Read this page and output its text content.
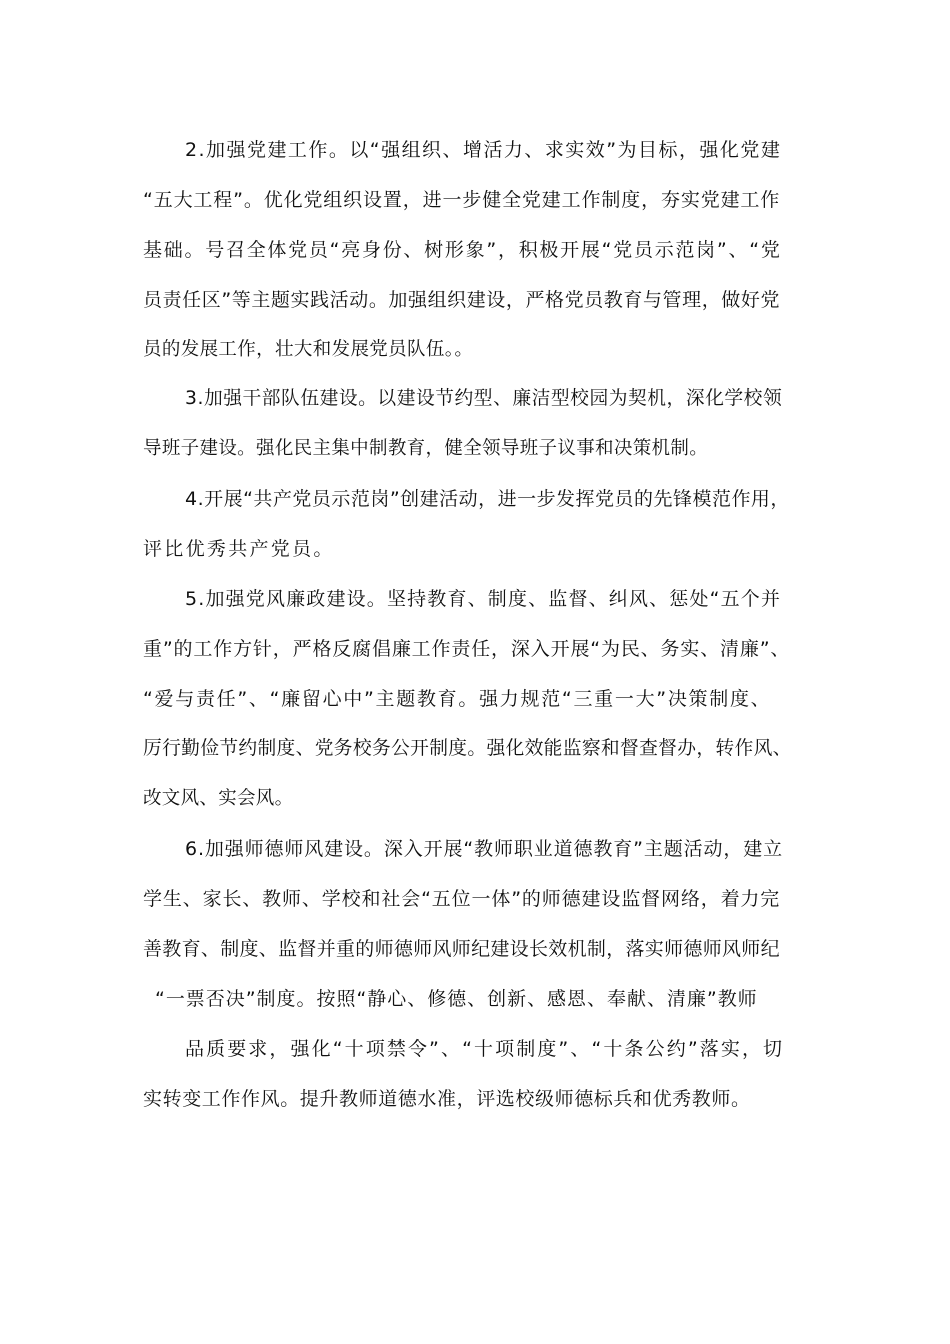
2.加强党建工作。以“强组织、增活力、求实效”为目标，强化党建
“五大工程”。优化党组织设置，进一步健全党建工作制度，夯实党建工作
基础。号召全体党员“亮身份、树形象”，积极开展“党员示范岗”、“党
员责任区”等主题实践活动。加强组织建设，严格党员教育与管理，做好党
员的发展工作，壮大和发展党员队伍。。
3.加强干部队伍建设。以建设节约型、廉洁型校园为契机，深化学校领
导班子建设。强化民主集中制教育，健全领导班子议事和决策机制。
4.开展“共产党员示范岗”创建活动，进一步发挥党员的先锋模范作用，
评比优秀共产党员。
5.加强党风廉政建设。坚持教育、制度、监督、纠风、惩处“五个并
重”的工作方针，严格反腐倡廉工作责任，深入开展“为民、务实、清廉”、
“爱与责任”、“廉留心中”主题教育。强力规范“三重一大”决策制度、
厉行勤俭节约制度、党务校务公开制度。强化效能监察和督查督办，转作风、
改文风、实会风。
6.加强师德师风建设。深入开展“教师职业道德教育”主题活动，建立
学生、家长、教师、学校和社会“五位一体”的师德建设监督网络，着力完
善教育、制度、监督并重的师德师风师纪建设长效机制，落实师德师风师纪
“一票否决”制度。按照“静心、修德、创新、感恩、奉献、清廉”教师
品质要求，强化“十项禁令”、“十项制度”、“十条公约”落实，切
实转变工作作风。提升教师道德水准，评选校级师德标兵和优秀教师。
